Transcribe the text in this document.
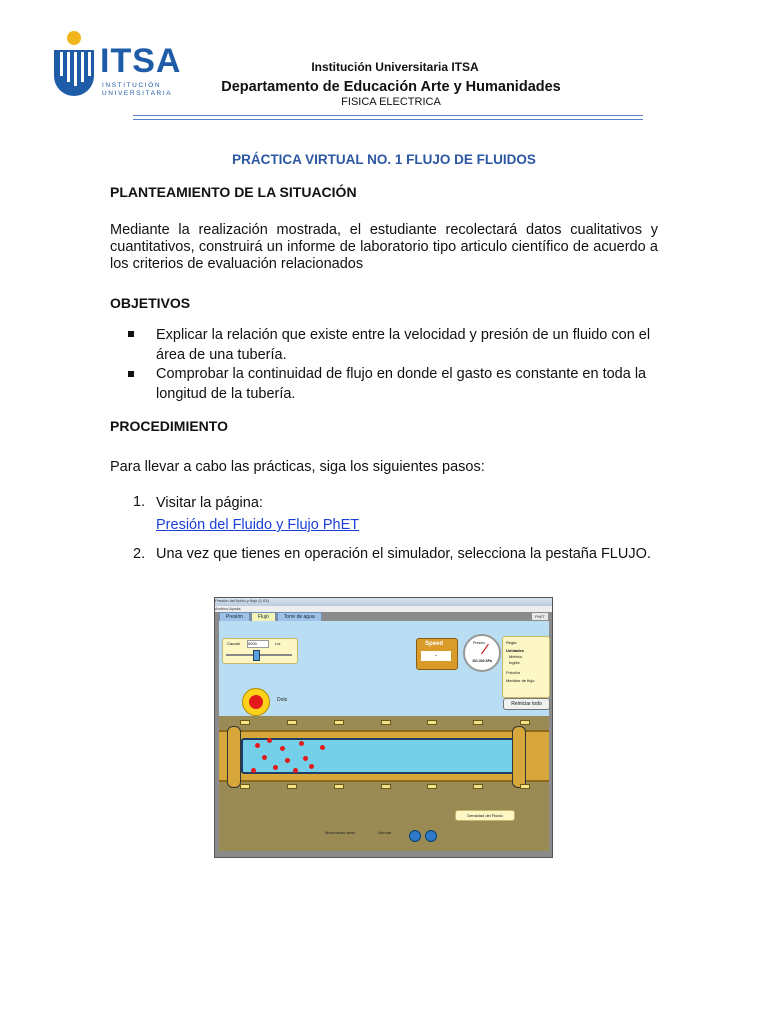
ITSA
INSTITUCIÓN
UNIVERSITARIA
Institución Universitaria ITSA
Departamento de Educación Arte y Humanidades
FISICA ELECTRICA
PRÁCTICA VIRTUAL NO. 1 FLUJO DE FLUIDOS
PLANTEAMIENTO DE LA SITUACIÓN
Mediante la realización mostrada, el estudiante recolectará datos cualitativos y cuantitativos, construirá un informe de laboratorio tipo articulo científico de acuerdo a los criterios de evaluación relacionados
OBJETIVOS
Explicar la relación que existe entre la velocidad y presión de un fluido con el área de una tubería.
Comprobar la continuidad de flujo en donde el gasto es constante en toda la longitud de la tubería.
PROCEDIMIENTO
Para llevar a cabo las prácticas, siga los siguientes pasos:
1. Visitar la página:
Presión del Fluido y Flujo PhET
2. Una vez que tienes en operación el simulador, selecciona la pestaña FLUJO.
Presión del fluido y flujo (1.03)
Archivo Ayuda
Presión	Flujo	Torre de agua	PhET
Caudal 5000	L/s	Speed
-
Presión
101.302 kPa
Regla
Unidades
Métrico
Inglés
Fricción
Medidor de flujo
Reiniciar todo
Dots
Densidad del Fluido
Movimiento lento	Normal
